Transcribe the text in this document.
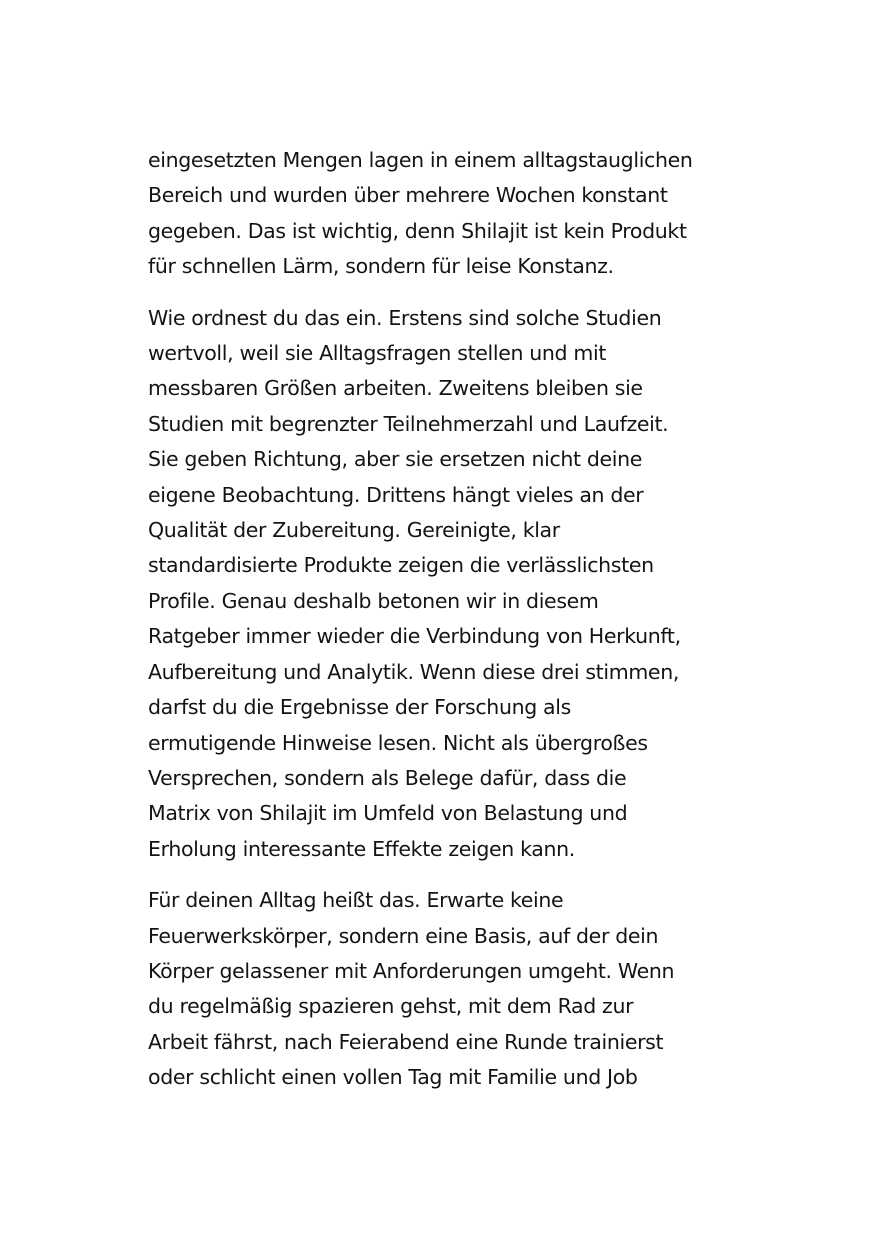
eingesetzten Mengen lagen in einem alltagstauglichen
Bereich und wurden über mehrere Wochen konstant
gegeben. Das ist wichtig, denn Shilajit ist kein Produkt
für schnellen Lärm, sondern für leise Konstanz.

Wie ordnest du das ein. Erstens sind solche Studien
wertvoll, weil sie Alltagsfragen stellen und mit
messbaren Größen arbeiten. Zweitens bleiben sie
Studien mit begrenzter Teilnehmerzahl und Laufzeit.
Sie geben Richtung, aber sie ersetzen nicht deine
eigene Beobachtung. Drittens hängt vieles an der
Qualität der Zubereitung. Gereinigte, klar
standardisierte Produkte zeigen die verlässlichsten
Profile. Genau deshalb betonen wir in diesem
Ratgeber immer wieder die Verbindung von Herkunft,
Aufbereitung und Analytik. Wenn diese drei stimmen,
darfst du die Ergebnisse der Forschung als
ermutigende Hinweise lesen. Nicht als übergroßes
Versprechen, sondern als Belege dafür, dass die
Matrix von Shilajit im Umfeld von Belastung und
Erholung interessante Effekte zeigen kann.

Für deinen Alltag heißt das. Erwarte keine
Feuerwerkskörper, sondern eine Basis, auf der dein
Körper gelassener mit Anforderungen umgeht. Wenn
du regelmäßig spazieren gehst, mit dem Rad zur
Arbeit fährst, nach Feierabend eine Runde trainierst
oder schlicht einen vollen Tag mit Familie und Job
